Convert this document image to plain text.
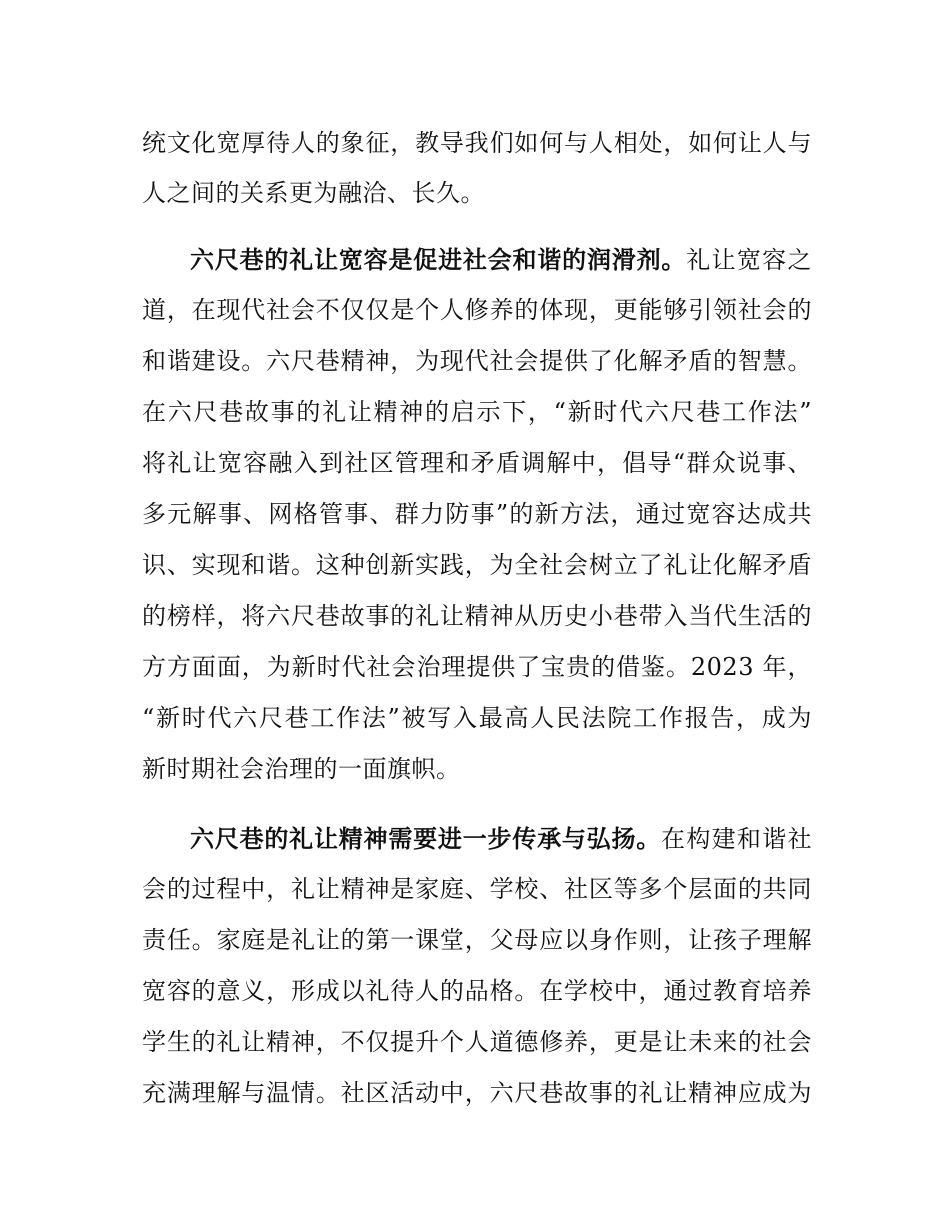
统文化宽厚待人的象征，教导我们如何与人相处，如何让人与
人之间的关系更为融洽、长久。
六尺巷的礼让宽容是促进社会和谐的润滑剂。礼让宽容之
道，在现代社会不仅仅是个人修养的体现，更能够引领社会的
和谐建设。六尺巷精神，为现代社会提供了化解矛盾的智慧。
在六尺巷故事的礼让精神的启示下，“新时代六尺巷工作法”
将礼让宽容融入到社区管理和矛盾调解中，倡导“群众说事、
多元解事、网格管事、群力防事”的新方法，通过宽容达成共
识、实现和谐。这种创新实践，为全社会树立了礼让化解矛盾
的榜样，将六尺巷故事的礼让精神从历史小巷带入当代生活的
方方面面，为新时代社会治理提供了宝贵的借鉴。2023 年，
“新时代六尺巷工作法”被写入最高人民法院工作报告，成为
新时期社会治理的一面旗帜。
六尺巷的礼让精神需要进一步传承与弘扬。在构建和谐社
会的过程中，礼让精神是家庭、学校、社区等多个层面的共同
责任。家庭是礼让的第一课堂，父母应以身作则，让孩子理解
宽容的意义，形成以礼待人的品格。在学校中，通过教育培养
学生的礼让精神，不仅提升个人道德修养，更是让未来的社会
充满理解与温情。社区活动中，六尺巷故事的礼让精神应成为
